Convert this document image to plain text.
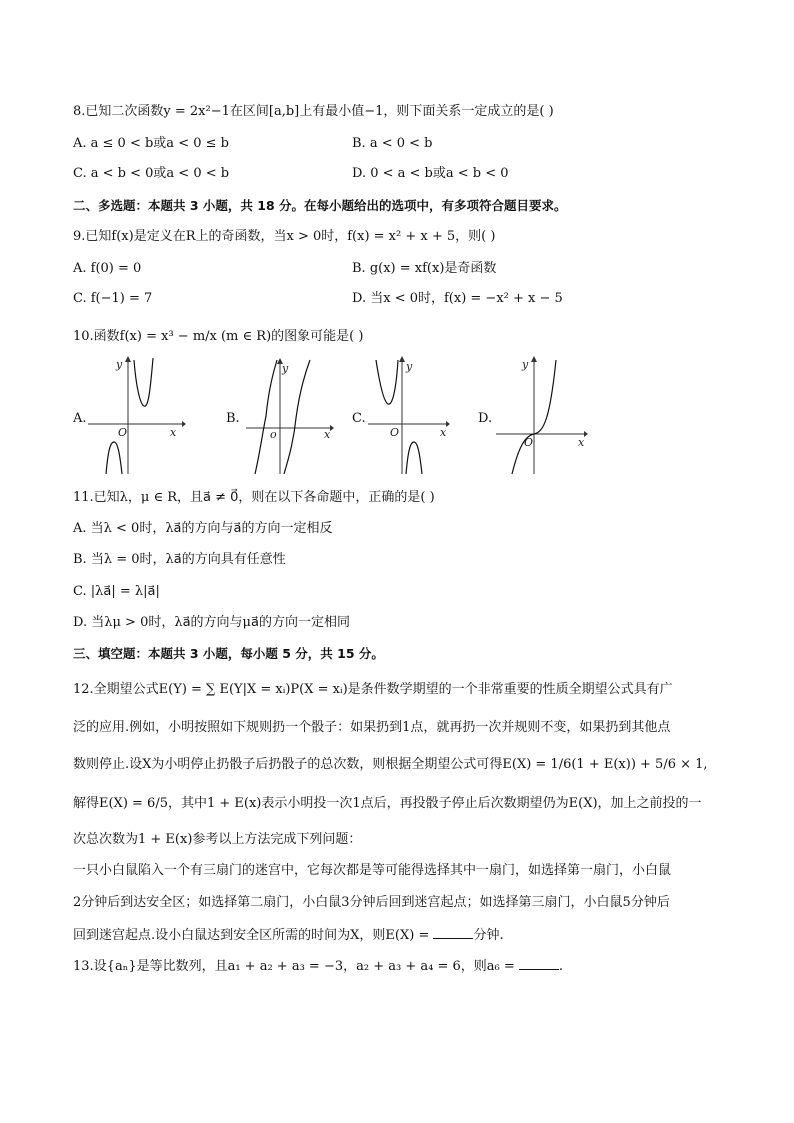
8.已知二次函数y = 2x²−1在区间[a,b]上有最小值−1，则下面关系一定成立的是( )
A. a ≤ 0 < b或a < 0 ≤ b	B. a < 0 < b
C. a < b < 0或a < 0 < b	D. 0 < a < b或a < b < 0
二、多选题：本题共 3 小题，共 18 分。在每小题给出的选项中，有多项符合题目要求。
9.已知f(x)是定义在R上的奇函数，当x > 0时，f(x) = x² + x + 5，则( )
A. f(0) = 0	B. g(x) = xf(x)是奇函数
C. f(−1) = 7	D. 当x < 0时，f(x) = −x² + x − 5
10.函数f(x) = x³ − m/x (m ∈ R)的图象可能是( )
A.
y
x
O
B.
y
x
o
C.
y
x
O
D.
y
x
O
11.已知λ，μ ∈ R，且a⃗ ≠ 0⃗，则在以下各命题中，正确的是( )
A. 当λ < 0时，λa⃗的方向与a⃗的方向一定相反
B. 当λ = 0时，λa⃗的方向具有任意性
C. |λa⃗| = λ|a⃗|
D. 当λμ > 0时，λa⃗的方向与μa⃗的方向一定相同
三、填空题：本题共 3 小题，每小题 5 分，共 15 分。
12.全期望公式E(Y) = ∑ E(Y|X = xᵢ)P(X = xᵢ)是条件数学期望的一个非常重要的性质全期望公式具有广
泛的应用.例如，小明按照如下规则扔一个骰子：如果扔到1点，就再扔一次并规则不变，如果扔到其他点
数则停止.设X为小明停止扔骰子后扔骰子的总次数，则根据全期望公式可得E(X) = 1/6(1 + E(x)) + 5/6 × 1,
解得E(X) = 6/5，其中1 + E(x)表示小明投一次1点后，再投骰子停止后次数期望仍为E(X)，加上之前投的一
次总次数为1 + E(x)参考以上方法完成下列问题：
一只小白鼠陷入一个有三扇门的迷宫中，它每次都是等可能得选择其中一扇门，如选择第一扇门，小白鼠
2分钟后到达安全区；如选择第二扇门，小白鼠3分钟后回到迷宫起点；如选择第三扇门，小白鼠5分钟后
回到迷宫起点.设小白鼠达到安全区所需的时间为X，则E(X) =	分钟.
13.设{aₙ}是等比数列，且a₁ + a₂ + a₃ = −3，a₂ + a₃ + a₄ = 6，则a₆ =	.
